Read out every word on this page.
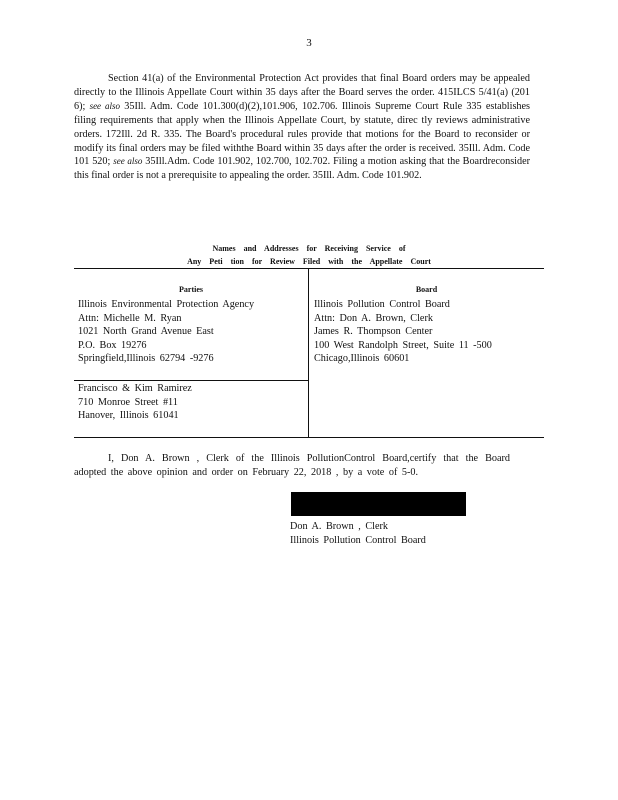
3

Section 41(a) of the Environmental Protection Act provides that final Board orders may be appealed directly to the Illinois Appellate Court within 35 days after the Board serves the order. 415ILCS 5/41(a) (201 6); see also 35Ill. Adm. Code 101.300(d)(2),101.906, 102.706. Illinois Supreme Court Rule 335 establishes filing requirements that apply when the Illinois Appellate Court, by statute, direc tly reviews administrative orders. 172Ill. 2d R. 335. The Board's procedural rules provide that motions for the Board to reconsider or modify its final orders may be filed withthe Board within 35 days after the order is received. 35Ill. Adm. Code 101 520; see also 35Ill.Adm. Code 101.902, 102.700, 102.702. Filing a motion asking that the Boardreconsider this final order is not a prerequisite to appealing the order. 35Ill. Adm. Code 101.902.

Names and Addresses for Receiving Service of
Any Peti tion for Review Filed with the Appellate Court
Parties	Board
Illinois Environmental Protection Agency
Attn: Michelle M. Ryan
1021 North Grand Avenue East
P.O. Box 19276
Springfield,Illinois 62794 -9276
Illinois Pollution Control Board
Attn: Don A. Brown, Clerk
James R. Thompson Center
100 West Randolph Street, Suite 11 -500
Chicago,Illinois 60601
Francisco & Kim Ramirez
710 Monroe Street #11
Hanover, Illinois 61041

I, Don A. Brown , Clerk of the Illinois PollutionControl Board,certify that the Board adopted the above opinion and order on February 22, 2018 , by a vote of 5-0.

Don A. Brown , Clerk
Illinois Pollution Control Board
